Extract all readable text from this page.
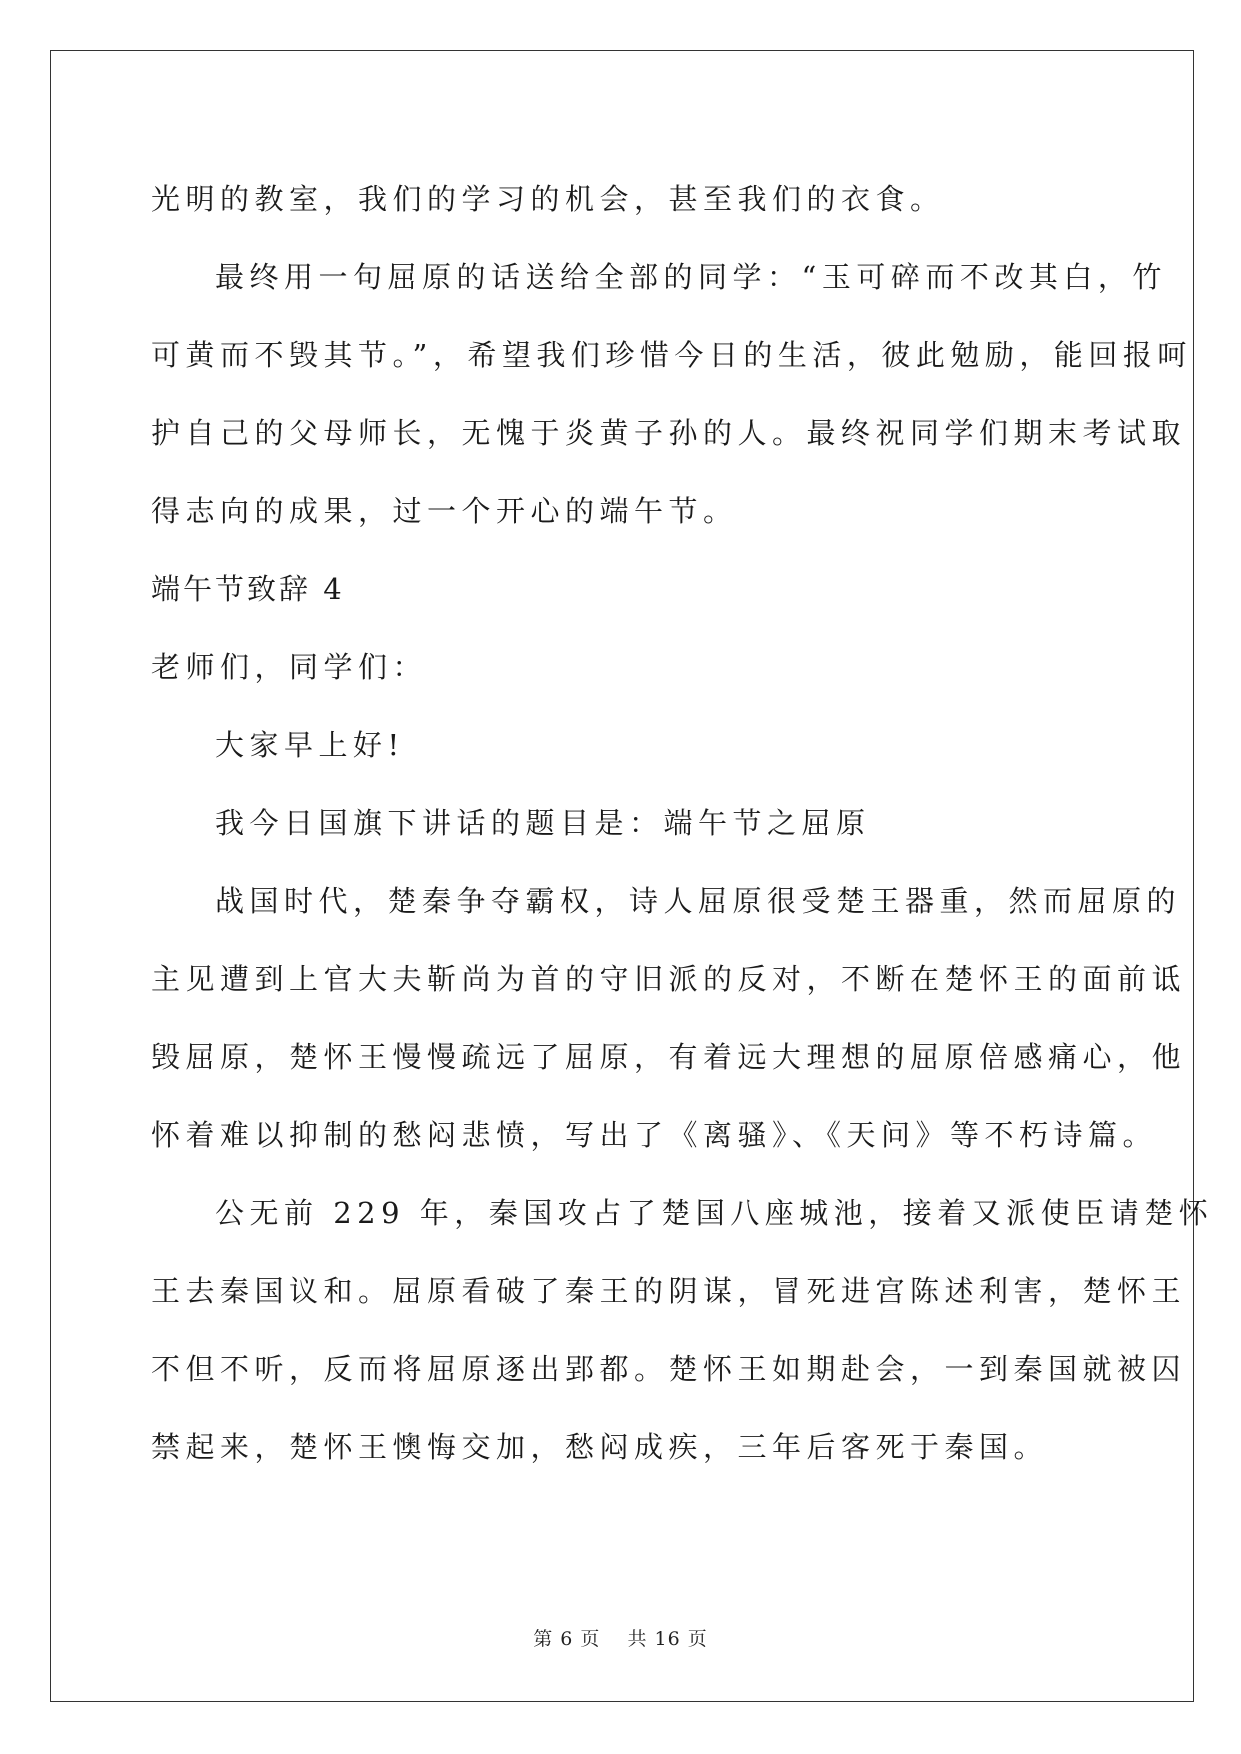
光明的教室，我们的学习的机会，甚至我们的衣食。
最终用一句屈原的话送给全部的同学：“玉可碎而不改其白，竹
可黄而不毁其节。”，希望我们珍惜今日的生活，彼此勉励，能回报呵
护自己的父母师长，无愧于炎黄子孙的人。最终祝同学们期末考试取
得志向的成果，过一个开心的端午节。
端午节致辞 4
老师们，同学们：
大家早上好!
我今日国旗下讲话的题目是：端午节之屈原
战国时代，楚秦争夺霸权，诗人屈原很受楚王器重，然而屈原的
主见遭到上官大夫靳尚为首的守旧派的反对，不断在楚怀王的面前诋
毁屈原，楚怀王慢慢疏远了屈原，有着远大理想的屈原倍感痛心，他
怀着难以抑制的愁闷悲愤，写出了《离骚》、《天问》等不朽诗篇。
公无前 229 年，秦国攻占了楚国八座城池，接着又派使臣请楚怀
王去秦国议和。屈原看破了秦王的阴谋，冒死进宫陈述利害，楚怀王
不但不听，反而将屈原逐出郢都。楚怀王如期赴会，一到秦国就被囚
禁起来，楚怀王懊悔交加，愁闷成疾，三年后客死于秦国。
第 6 页 共 16 页
